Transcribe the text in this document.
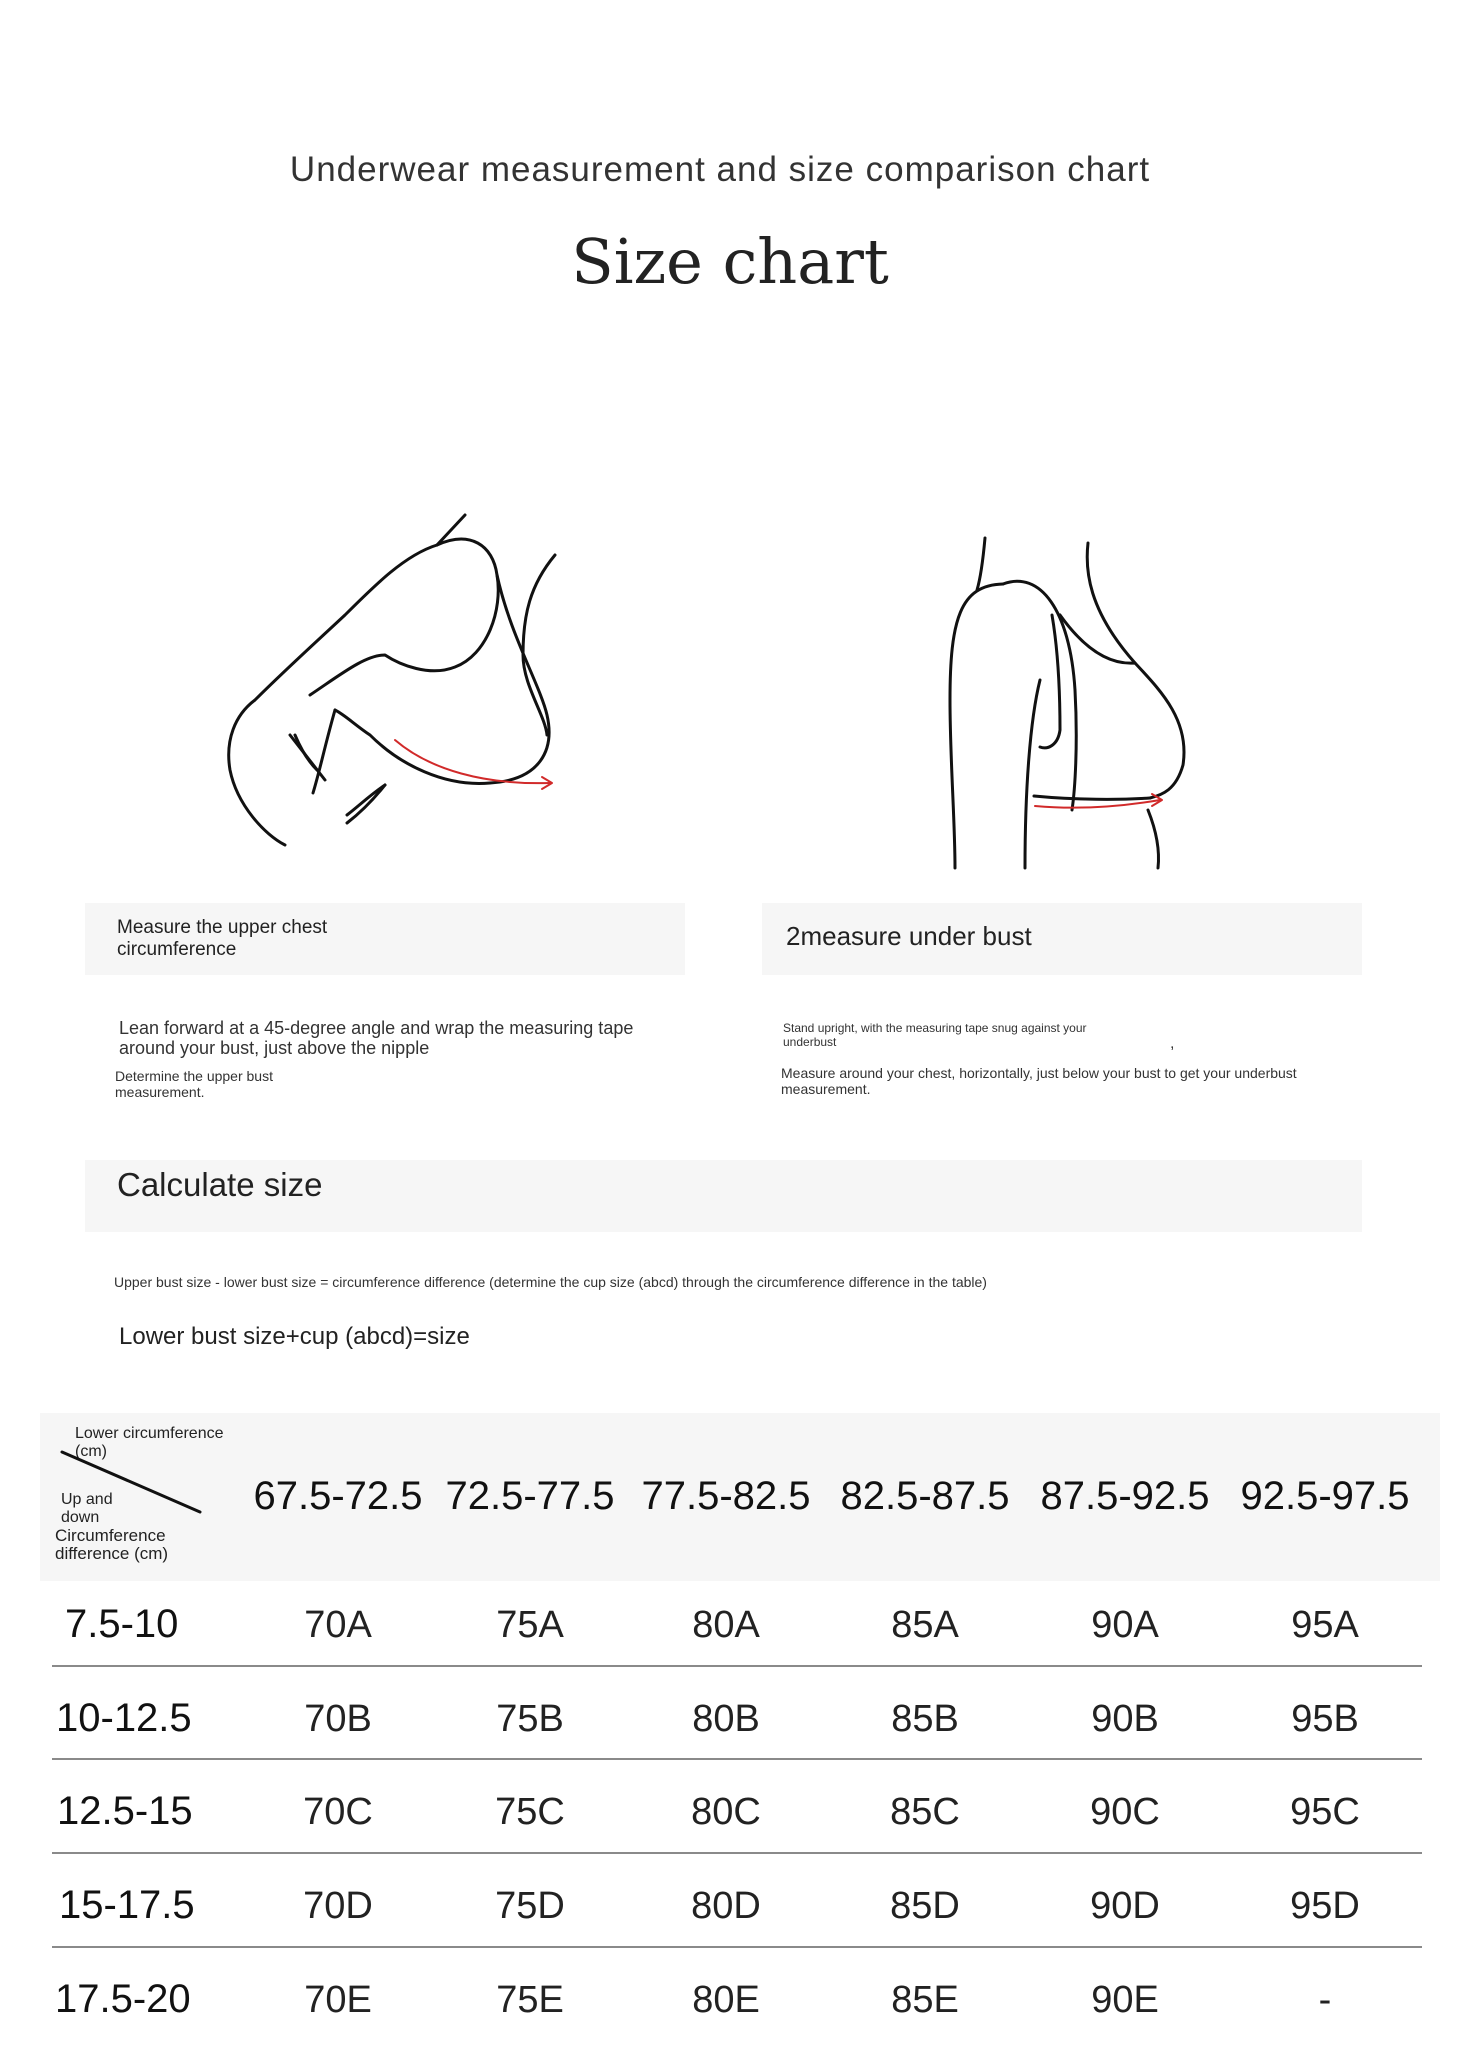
Underwear measurement and size comparison chart
Size chart
Measure the upper chest circumference	2measure under bust
Lean forward at a 45-degree angle and wrap the measuring tape around your bust, just above the nipple
Determine the upper bust measurement.
Stand upright, with the measuring tape snug against your underbust	,
Measure around your chest, horizontally, just below your bust to get your underbust measurement.
Calculate size
Upper bust size - lower bust size = circumference difference (determine the cup size (abcd) through the circumference difference in the table)
Lower bust size+cup (abcd)=size
Lower circumference (cm)
Up and down
Circumference difference (cm)
67.5-72.5 72.5-77.5 77.5-82.5 82.5-87.5 87.5-92.5 92.5-97.5
7.5-10	70A	75A	80A	85A	90A	95A
10-12.5	70B	75B	80B	85B	90B	95B
12.5-15	70C	75C	80C	85C	90C	95C
15-17.5	70D	75D	80D	85D	90D	95D
17.5-20	70E	75E	80E	85E	90E	-
